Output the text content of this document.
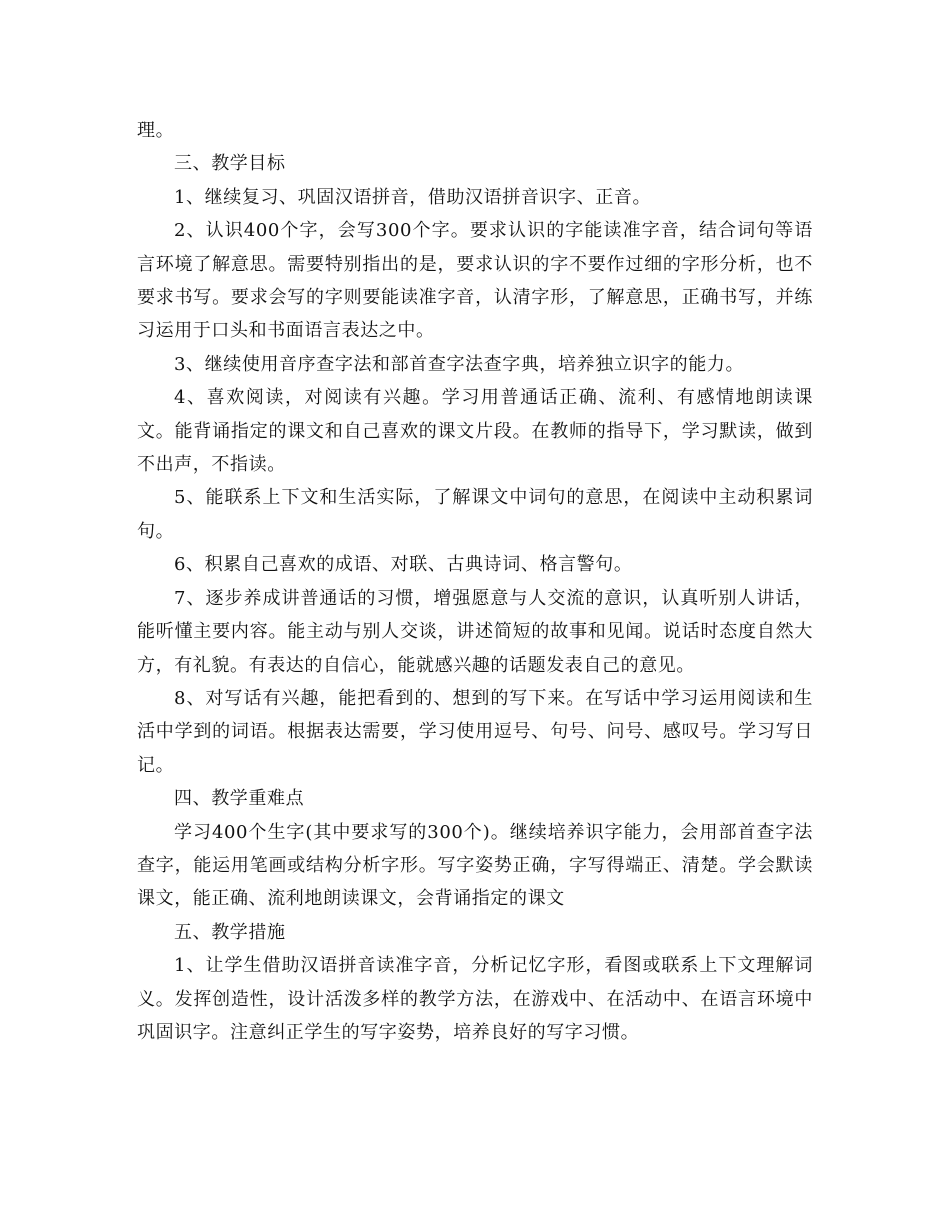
理。

三、教学目标

1、继续复习、巩固汉语拼音，借助汉语拼音识字、正音。

2、认识400个字，会写300个字。要求认识的字能读准字音，结合词句等语言环境了解意思。需要特别指出的是，要求认识的字不要作过细的字形分析，也不要求书写。要求会写的字则要能读准字音，认清字形，了解意思，正确书写，并练习运用于口头和书面语言表达之中。

3、继续使用音序查字法和部首查字法查字典，培养独立识字的能力。

4、喜欢阅读，对阅读有兴趣。学习用普通话正确、流利、有感情地朗读课文。能背诵指定的课文和自己喜欢的课文片段。在教师的指导下，学习默读，做到不出声，不指读。

5、能联系上下文和生活实际，了解课文中词句的意思，在阅读中主动积累词句。

6、积累自己喜欢的成语、对联、古典诗词、格言警句。

7、逐步养成讲普通话的习惯，增强愿意与人交流的意识，认真听别人讲话，能听懂主要内容。能主动与别人交谈，讲述简短的故事和见闻。说话时态度自然大方，有礼貌。有表达的自信心，能就感兴趣的话题发表自己的意见。

8、对写话有兴趣，能把看到的、想到的写下来。在写话中学习运用阅读和生活中学到的词语。根据表达需要，学习使用逗号、句号、问号、感叹号。学习写日记。

四、教学重难点

学习400个生字(其中要求写的300个)。继续培养识字能力，会用部首查字法查字，能运用笔画或结构分析字形。写字姿势正确，字写得端正、清楚。学会默读课文，能正确、流利地朗读课文，会背诵指定的课文

五、教学措施

1、让学生借助汉语拼音读准字音，分析记忆字形，看图或联系上下文理解词义。发挥创造性，设计活泼多样的教学方法，在游戏中、在活动中、在语言环境中巩固识字。注意纠正学生的写字姿势，培养良好的写字习惯。
